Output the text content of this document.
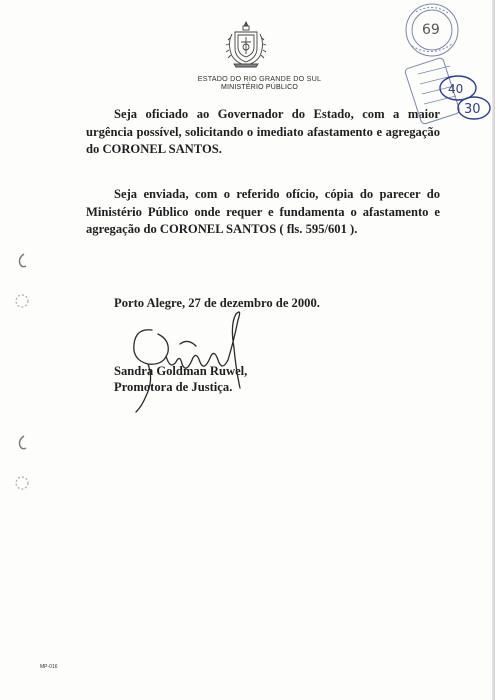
ESTADO DO RIO GRANDE DO SUL
MINISTÉRIO PÚBLICO
Seja oficiado ao Governador do Estado, com a maior urgência possível, solicitando o imediato afastamento e agregação do CORONEL SANTOS.
Seja enviada, com o referido ofício, cópia do parecer do Ministério Público onde requer e fundamenta o afastamento e agregação do CORONEL SANTOS ( fls. 595/601 ).
Porto Alegre, 27 de dezembro de 2000.
Sandra Goldman Ruwel,
Promotora de Justiça.
69
40
30
MP-016
